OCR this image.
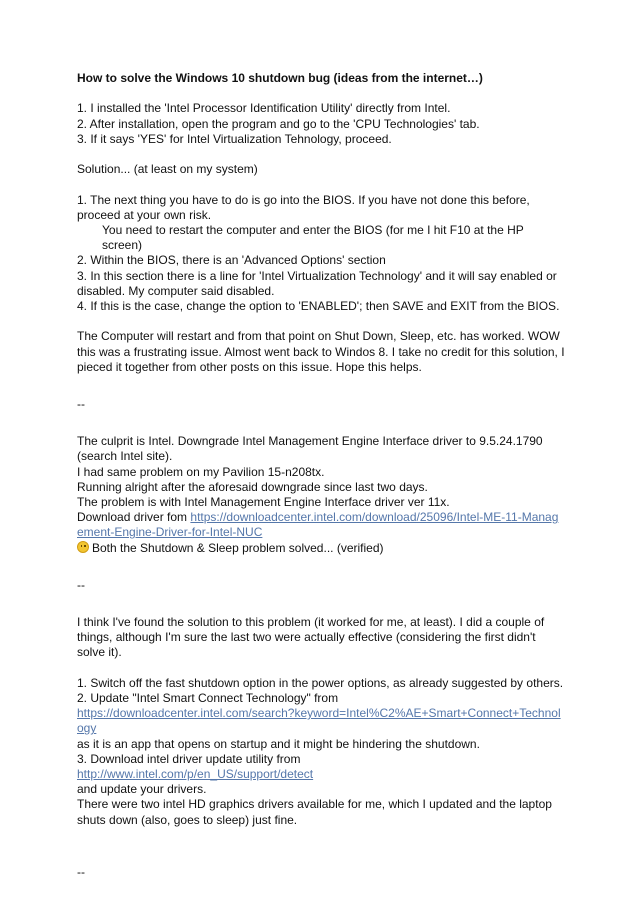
How to solve the Windows 10 shutdown bug (ideas from the internet…)

1. I installed the 'Intel Processor Identification Utility' directly from Intel.

2. After installation, open the program and go to the 'CPU Technologies' tab.

3. If it says 'YES' for Intel Virtualization Tehnology, proceed.

Solution... (at least on my system)

1. The next thing you have to do is go into the BIOS. If you have not done this before, proceed at your own risk.

You need to restart the computer and enter the BIOS (for me I hit F10 at the HP screen)

2. Within the BIOS, there is an 'Advanced Options' section

3. In this section there is a line for 'Intel Virtualization Technology' and it will say enabled or disabled. My computer said disabled.

4. If this is the case, change the option to 'ENABLED'; then SAVE and EXIT from the BIOS.

The Computer will restart and from that point on Shut Down, Sleep, etc. has worked. WOW this was a frustrating issue. Almost went back to Windos 8. I take no credit for this solution, I pieced it together from other posts on this issue. Hope this helps.

--

The culprit is Intel. Downgrade Intel Management Engine Interface driver to 9.5.24.1790 (search Intel site).

I had same problem on my Pavilion 15-n208tx.

Running alright after the aforesaid downgrade since last two days.

The problem is with Intel Management Engine Interface driver ver 11x.

Download driver fom https://downloadcenter.intel.com/download/25096/Intel-ME-11-Management-Engine-Driver-for-Intel-NUC

Both the Shutdown & Sleep problem solved... (verified)

--

I think I've found the solution to this problem (it worked for me, at least). I did a couple of things, although I'm sure the last two were actually effective (considering the first didn't solve it).

1. Switch off the fast shutdown option in the power options, as already suggested by others.

2. Update "Intel Smart Connect Technology" from

https://downloadcenter.intel.com/search?keyword=Intel%C2%AE+Smart+Connect+Technology

as it is an app that opens on startup and it might be hindering the shutdown.

3. Download intel driver update utility from

http://www.intel.com/p/en_US/support/detect

and update your drivers.

There were two intel HD graphics drivers available for me, which I updated and the laptop shuts down (also, goes to sleep) just fine.

--
